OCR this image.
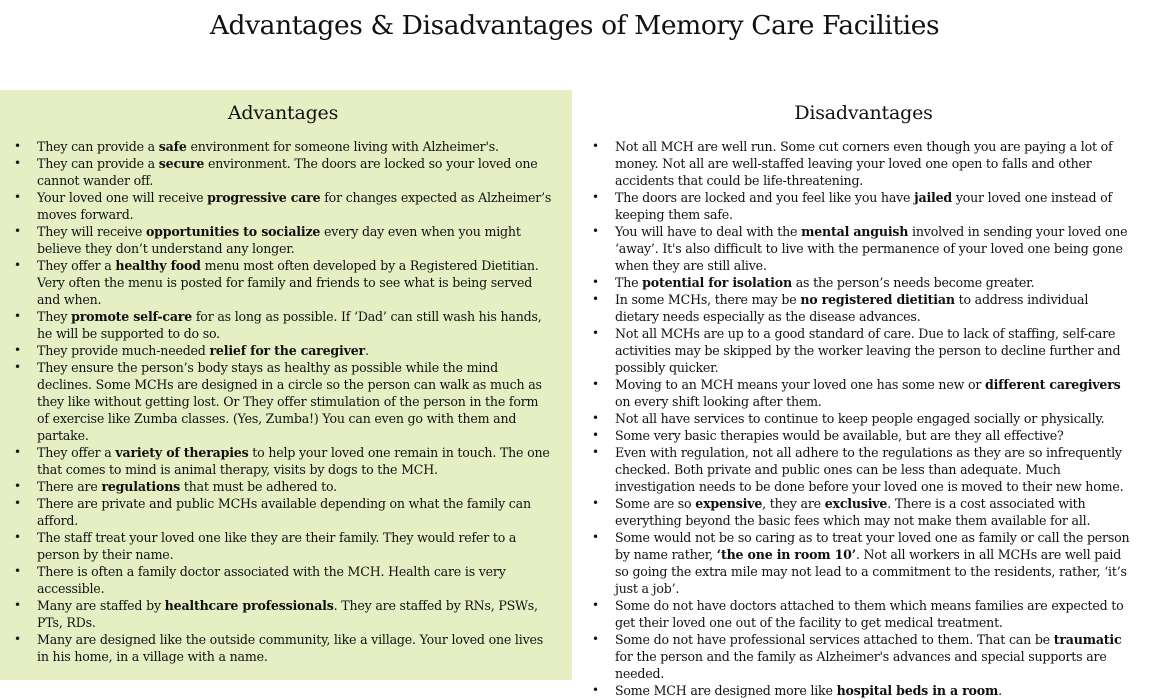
Advantages & Disadvantages of Memory Care Facilities
Advantages
• They can provide a safe environment for someone living with Alzheimer's.
• They can provide a secure environment. The doors are locked so your loved one cannot wander off.
• Your loved one will receive progressive care for changes expected as Alzheimer’s moves forward.
• They will receive opportunities to socialize every day even when you might believe they don’t understand any longer.
• They offer a healthy food menu most often developed by a Registered Dietitian. Very often the menu is posted for family and friends to see what is being served and when.
• They promote self-care for as long as possible. If ‘Dad’ can still wash his hands, he will be supported to do so.
• They provide much-needed relief for the caregiver.
• They ensure the person’s body stays as healthy as possible while the mind declines. Some MCHs are designed in a circle so the person can walk as much as they like without getting lost. Or They offer stimulation of the person in the form of exercise like Zumba classes. (Yes, Zumba!) You can even go with them and partake.
• They offer a variety of therapies to help your loved one remain in touch. The one that comes to mind is animal therapy, visits by dogs to the MCH.
• There are regulations that must be adhered to.
• There are private and public MCHs available depending on what the family can afford.
• The staff treat your loved one like they are their family. They would refer to a person by their name.
• There is often a family doctor associated with the MCH. Health care is very accessible.
• Many are staffed by healthcare professionals. They are staffed by RNs, PSWs, PTs, RDs.
• Many are designed like the outside community, like a village. Your loved one lives in his home, in a village with a name.
Disadvantages
• Not all MCH are well run. Some cut corners even though you are paying a lot of money. Not all are well-staffed leaving your loved one open to falls and other accidents that could be life-threatening.
• The doors are locked and you feel like you have jailed your loved one instead of keeping them safe.
• You will have to deal with the mental anguish involved in sending your loved one ‘away’. It's also difficult to live with the permanence of your loved one being gone when they are still alive.
• The potential for isolation as the person’s needs become greater.
• In some MCHs, there may be no registered dietitian to address individual dietary needs especially as the disease advances.
• Not all MCHs are up to a good standard of care. Due to lack of staffing, self-care activities may be skipped by the worker leaving the person to decline further and possibly quicker.
• Moving to an MCH means your loved one has some new or different caregivers on every shift looking after them.
• Not all have services to continue to keep people engaged socially or physically.
• Some very basic therapies would be available, but are they all effective?
• Even with regulation, not all adhere to the regulations as they are so infrequently checked. Both private and public ones can be less than adequate. Much investigation needs to be done before your loved one is moved to their new home.
• Some are so expensive, they are exclusive. There is a cost associated with everything beyond the basic fees which may not make them available for all.
• Some would not be so caring as to treat your loved one as family or call the person by name rather, ‘the one in room 10’. Not all workers in all MCHs are well paid so going the extra mile may not lead to a commitment to the residents, rather, ‘it’s just a job’.
• Some do not have doctors attached to them which means families are expected to get their loved one out of the facility to get medical treatment.
• Some do not have professional services attached to them. That can be traumatic for the person and the family as Alzheimer's advances and special supports are needed.
• Some MCH are designed more like hospital beds in a room.
